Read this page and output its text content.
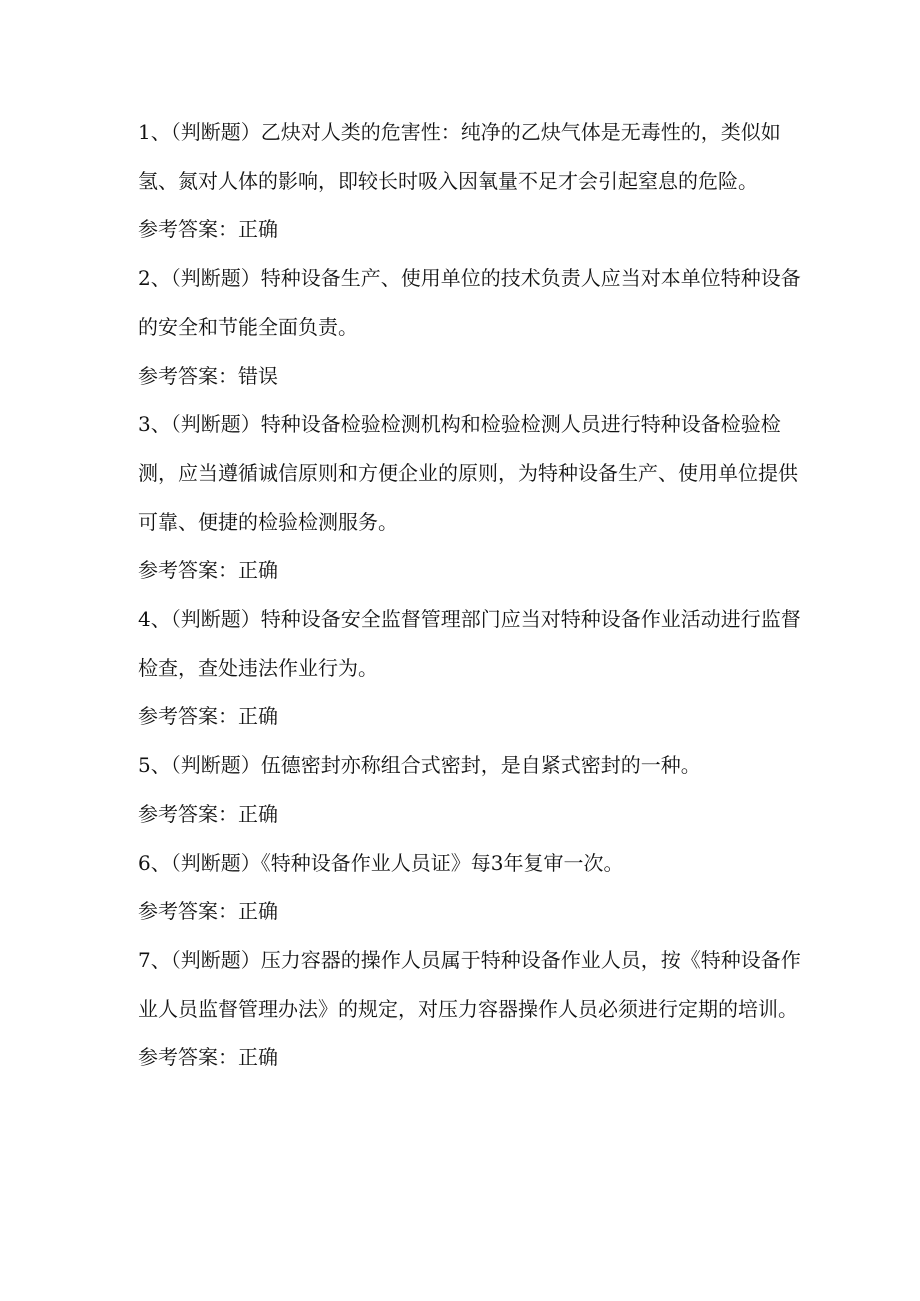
1、（判断题）乙炔对人类的危害性：纯净的乙炔气体是无毒性的，类似如氢、氮对人体的影响，即较长时吸入因氧量不足才会引起窒息的危险。

参考答案：正确

2、（判断题）特种设备生产、使用单位的技术负责人应当对本单位特种设备的安全和节能全面负责。

参考答案：错误

3、（判断题）特种设备检验检测机构和检验检测人员进行特种设备检验检测，应当遵循诚信原则和方便企业的原则，为特种设备生产、使用单位提供可靠、便捷的检验检测服务。

参考答案：正确

4、（判断题）特种设备安全监督管理部门应当对特种设备作业活动进行监督检查，查处违法作业行为。

参考答案：正确

5、（判断题）伍德密封亦称组合式密封，是自紧式密封的一种。

参考答案：正确

6、（判断题）《特种设备作业人员证》每3年复审一次。

参考答案：正确

7、（判断题）压力容器的操作人员属于特种设备作业人员，按《特种设备作业人员监督管理办法》的规定，对压力容器操作人员必须进行定期的培训。

参考答案：正确
